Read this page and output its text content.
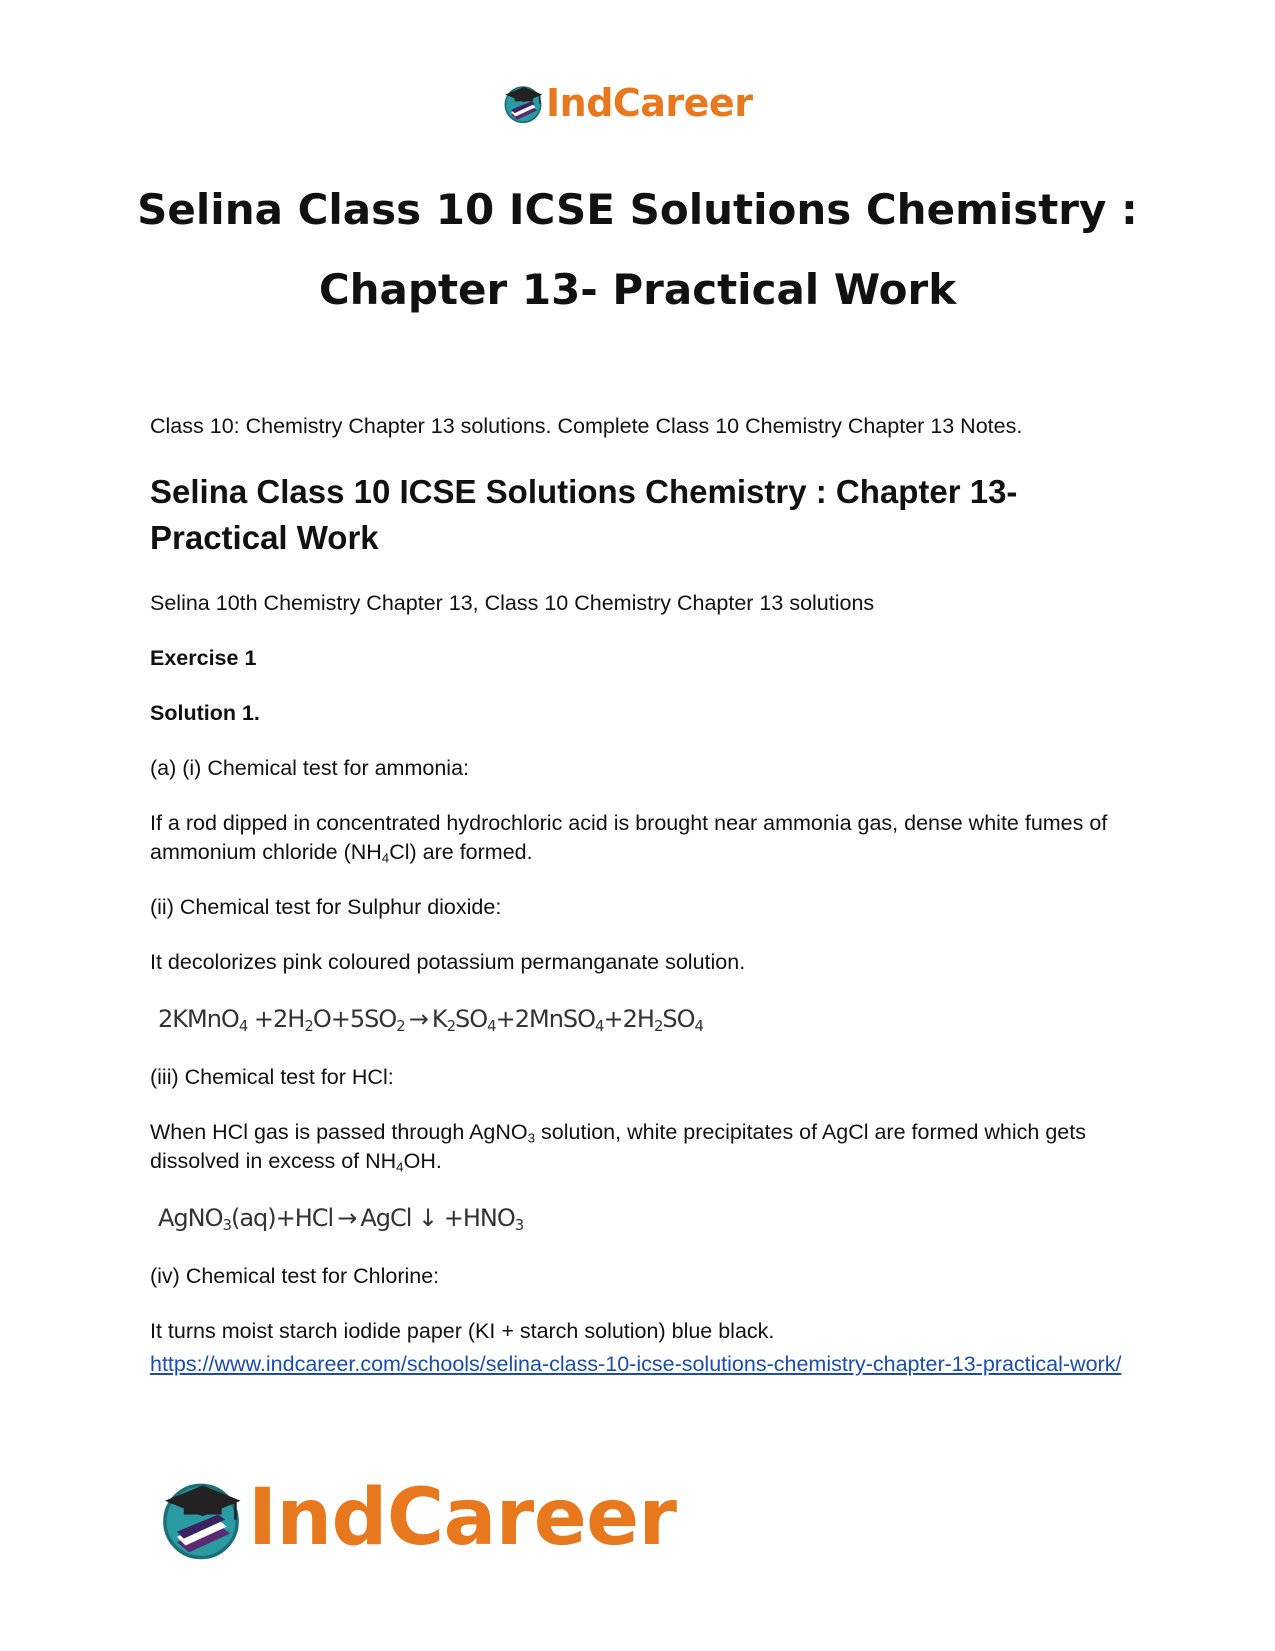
IndCareer
Selina Class 10 ICSE Solutions Chemistry :
Chapter 13- Practical Work

Class 10: Chemistry Chapter 13 solutions. Complete Class 10 Chemistry Chapter 13 Notes.

Selina Class 10 ICSE Solutions Chemistry : Chapter 13-
Practical Work

Selina 10th Chemistry Chapter 13, Class 10 Chemistry Chapter 13 solutions

Exercise 1

Solution 1.

(a) (i) Chemical test for ammonia:

If a rod dipped in concentrated hydrochloric acid is brought near ammonia gas, dense white fumes of ammonium chloride $(NH_4Cl)$ are formed.

(ii) Chemical test for Sulphur dioxide:

It decolorizes pink coloured potassium permanganate solution.

2KMnO$_4$ $+2H_2O+5SO_2$ → $K_2SO_4+2MnSO_4+2H_2SO_4$

(iii) Chemical test for HCl:

When HCl gas is passed through AgNO$_3$ solution, white precipitates of AgCl are formed which gets dissolved in excess of $NH_4OH$.

AgNO$_3$(aq)+HCl → AgCl ↓ $+HNO_3$

(iv) Chemical test for Chlorine:

It turns moist starch iodide paper (KI + starch solution) blue black.

https://www.indcareer.com/schools/selina-class-10-icse-solutions-chemistry-chapter-13-practical-work/
IndCareer
